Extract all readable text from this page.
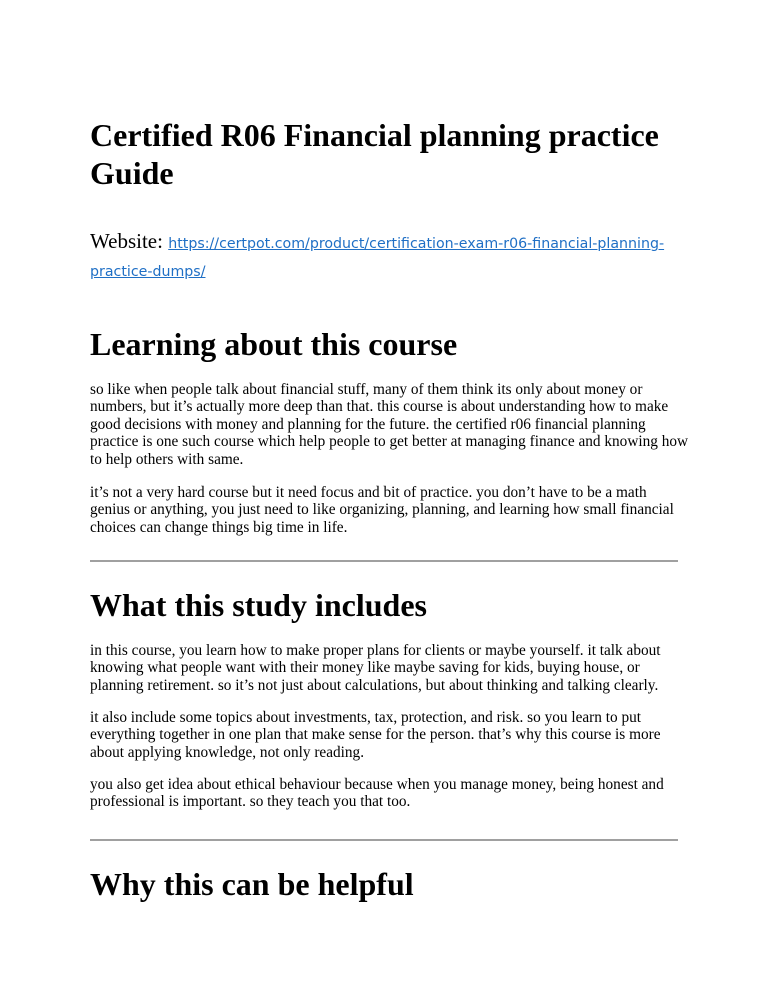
Certified R06 Financial planning practice Guide
Website: https://certpot.com/product/certification-exam-r06-financial-planning-practice-dumps/
Learning about this course

so like when people talk about financial stuff, many of them think its only about money or numbers, but it’s actually more deep than that. this course is about understanding how to make good decisions with money and planning for the future. the certified r06 financial planning practice is one such course which help people to get better at managing finance and knowing how to help others with same.

it’s not a very hard course but it need focus and bit of practice. you don’t have to be a math genius or anything, you just need to like organizing, planning, and learning how small financial choices can change things big time in life.

What this study includes

in this course, you learn how to make proper plans for clients or maybe yourself. it talk about knowing what people want with their money like maybe saving for kids, buying house, or planning retirement. so it’s not just about calculations, but about thinking and talking clearly.

it also include some topics about investments, tax, protection, and risk. so you learn to put everything together in one plan that make sense for the person. that’s why this course is more about applying knowledge, not only reading.

you also get idea about ethical behaviour because when you manage money, being honest and professional is important. so they teach you that too.

Why this can be helpful
